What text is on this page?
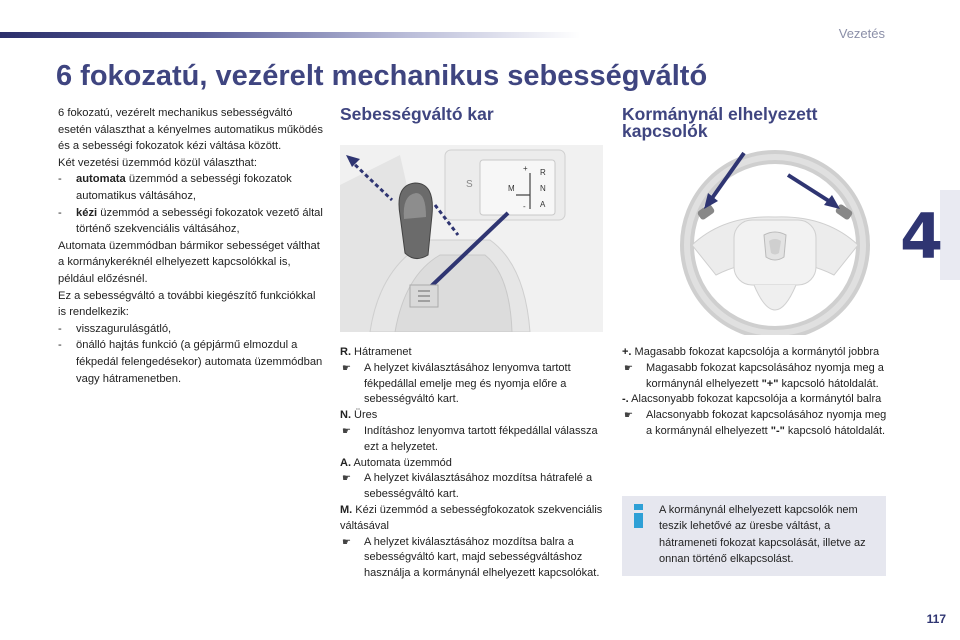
Vezetés
4
6 fokozatú, vezérelt mechanikus sebességváltó

6 fokozatú, vezérelt mechanikus sebességváltó esetén választhat a kényelmes automatikus működés és a sebességi fokozatok kézi váltása között.

Két vezetési üzemmód közül választhat:

-	automata üzemmód a sebességi fokozatok automatikus váltásához,
-	kézi üzemmód a sebességi fokozatok vezető által történő szekvenciális váltásához,

Automata üzemmódban bármikor sebességet válthat a kormánykeréknél elhelyezett kapcsolókkal is, például előzésnél.

Ez a sebességváltó a további kiegészítő funkciókkal is rendelkezik:

-	visszagurulásgátló,
-	önálló hajtás funkció (a gépjármű elmozdul a fékpedál felengedésekor) automata üzemmódban vagy hátramenetben.
Sebességváltó kar
S
+
M
-
R
N
A
Kormánynál elhelyezett kapcsolók
R. Hátramenet
☛	A helyzet kiválasztásához lenyomva tartott fékpedállal emelje meg és nyomja előre a sebességváltó kart.
N. Üres
☛	Indításhoz lenyomva tartott fékpedállal válassza ezt a helyzetet.
A. Automata üzemmód
☛	A helyzet kiválasztásához mozdítsa hátrafelé a sebességváltó kart.
M. Kézi üzemmód a sebességfokozatok szekvenciális váltásával
☛	A helyzet kiválasztásához mozdítsa balra a sebességváltó kart, majd sebességváltáshoz használja a kormánynál elhelyezett kapcsolókat.
+. Magasabb fokozat kapcsolója a kormánytól jobbra
☛	Magasabb fokozat kapcsolásához nyomja meg a kormánynál elhelyezett "+" kapcsoló hátoldalát.
-. Alacsonyabb fokozat kapcsolója a kormánytól balra
☛	Alacsonyabb fokozat kapcsolásához nyomja meg a kormánynál elhelyezett "-" kapcsoló hátoldalát.
A kormánynál elhelyezett kapcsolók nem teszik lehetővé az üresbe váltást, a hátrameneti fokozat kapcsolását, illetve az onnan történő elkapcsolást.
117
